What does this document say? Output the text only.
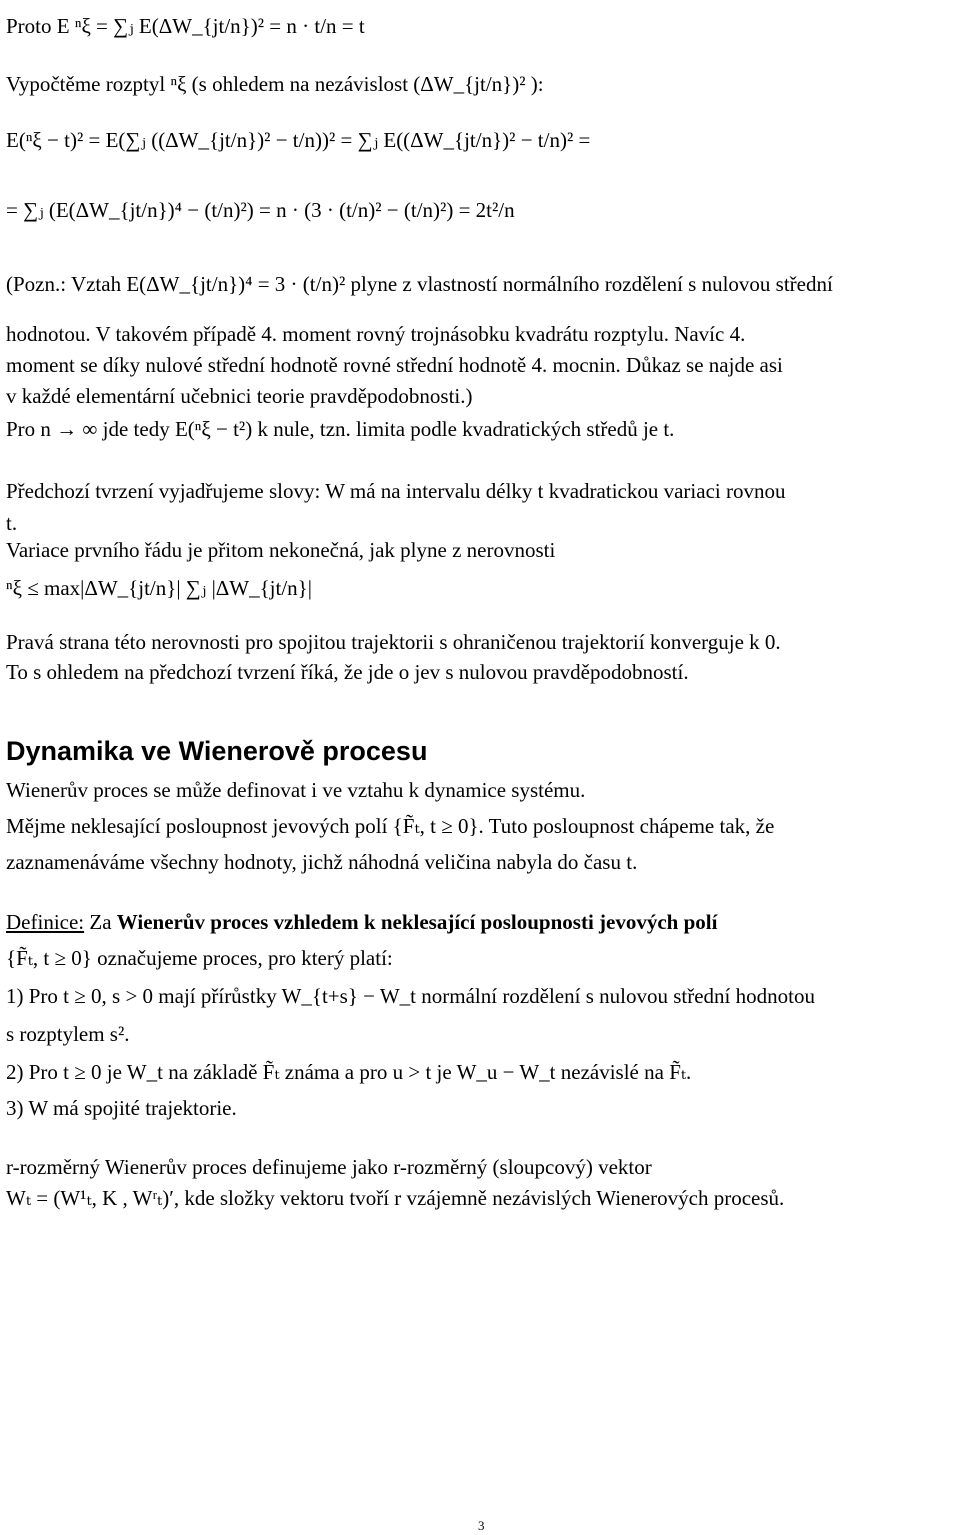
Proto E ⁿξ = ∑ⱼ E(ΔW_{jt/n})² = n · t/n = t
Vypočtěme rozptyl ⁿξ (s ohledem na nezávislost (ΔW_{jt/n})² ):
E(ⁿξ − t)² = E(∑ⱼ ((ΔW_{jt/n})² − t/n))² = ∑ⱼ E((ΔW_{jt/n})² − t/n)² =
= ∑ⱼ (E(ΔW_{jt/n})⁴ − (t/n)²) = n · (3 · (t/n)² − (t/n)²) = 2t²/n
(Pozn.: Vztah E(ΔW_{jt/n})⁴ = 3 · (t/n)² plyne z vlastností normálního rozdělení s nulovou střední
hodnotou. V takovém případě 4. moment rovný trojnásobku kvadrátu rozptylu. Navíc 4.
moment se díky nulové střední hodnotě rovné střední hodnotě 4. mocnin. Důkaz se najde asi
v každé elementární učebnici teorie pravděpodobnosti.)
Pro n → ∞ jde tedy E(ⁿξ − t²) k nule, tzn. limita podle kvadratických středů je t.
Předchozí tvrzení vyjadřujeme slovy: W má na intervalu délky t kvadratickou variaci rovnou
t.
Variace prvního řádu je přitom nekonečná, jak plyne z nerovnosti
ⁿξ ≤ max|ΔW_{jt/n}| ∑ⱼ |ΔW_{jt/n}|
Pravá strana této nerovnosti pro spojitou trajektorii s ohraničenou trajektorií konverguje k 0.
To s ohledem na předchozí tvrzení říká, že jde o jev s nulovou pravděpodobností.
Dynamika ve Wienerově procesu
Wienerův proces se může definovat i ve vztahu k dynamice systému.
Mějme neklesající posloupnost jevových polí {F̃ₜ, t ≥ 0}. Tuto posloupnost chápeme tak, že
zaznamenáváme všechny hodnoty, jichž náhodná veličina nabyla do času t.
Definice: Za Wienerův proces vzhledem k neklesající posloupnosti jevových polí
{F̃ₜ, t ≥ 0} označujeme proces, pro který platí:
1) Pro t ≥ 0, s > 0 mají přírůstky W_{t+s} − W_t normální rozdělení s nulovou střední hodnotou
s rozptylem s².
2) Pro t ≥ 0 je W_t na základě F̃ₜ známa a pro u > t je W_u − W_t nezávislé na F̃ₜ.
3) W má spojité trajektorie.
r-rozměrný Wienerův proces definujeme jako r-rozměrný (sloupcový) vektor
Wₜ = (W¹ₜ, K , Wʳₜ)′, kde složky vektoru tvoří r vzájemně nezávislých Wienerových procesů.
3
